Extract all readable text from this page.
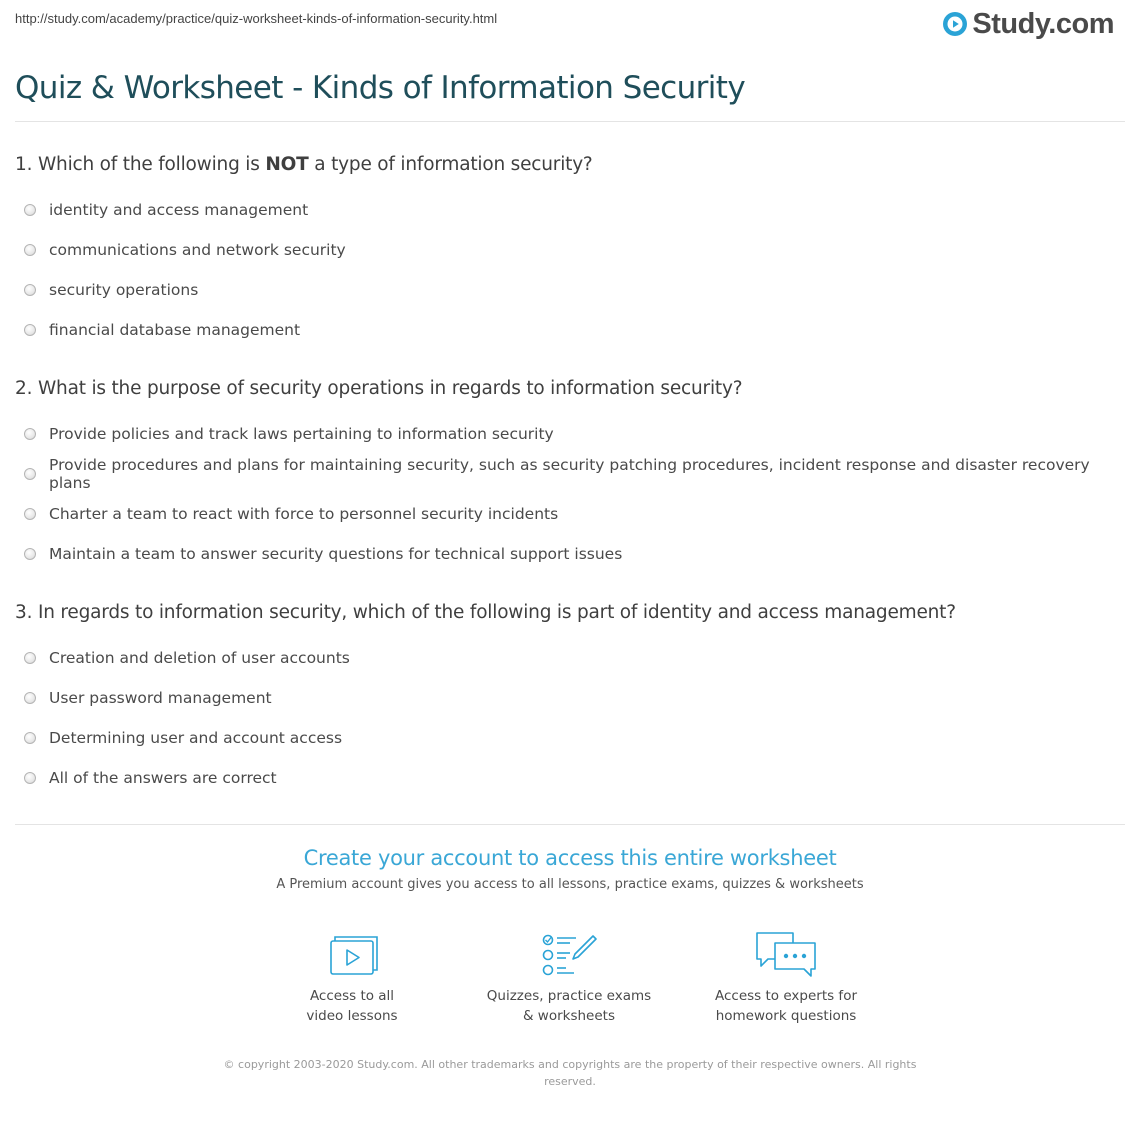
http://study.com/academy/practice/quiz-worksheet-kinds-of-information-security.html	Study.com
Quiz & Worksheet - Kinds of Information Security
1. Which of the following is NOT a type of information security?
identity and access management
communications and network security
security operations
financial database management
2. What is the purpose of security operations in regards to information security?
Provide policies and track laws pertaining to information security
Provide procedures and plans for maintaining security, such as security patching procedures, incident response and disaster recovery plans
Charter a team to react with force to personnel security incidents
Maintain a team to answer security questions for technical support issues
3. In regards to information security, which of the following is part of identity and access management?
Creation and deletion of user accounts
User password management
Determining user and account access
All of the answers are correct
Create your account to access this entire worksheet
A Premium account gives you access to all lessons, practice exams, quizzes & worksheets
Access to all
video lessons
Quizzes, practice exams
& worksheets
Access to experts for
homework questions
© copyright 2003-2020 Study.com. All other trademarks and copyrights are the property of their respective owners. All rights reserved.
